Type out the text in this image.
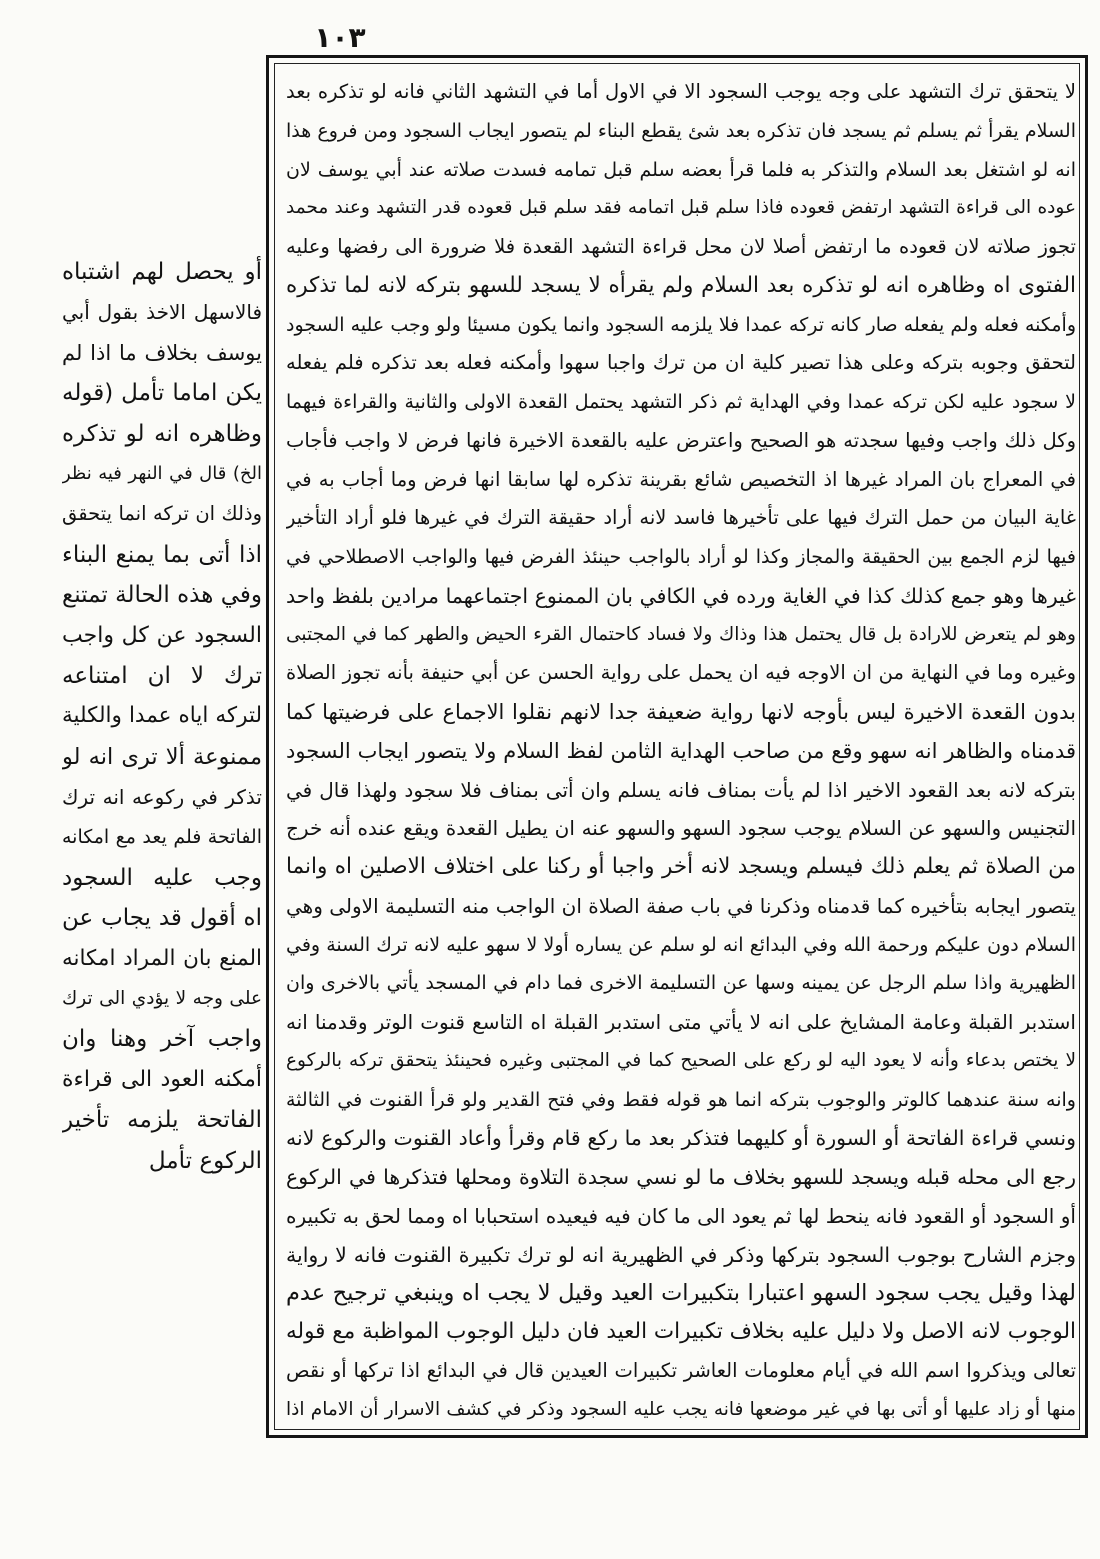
١٠٣
لا يتحقق ترك التشهد على وجه يوجب السجود الا في الاول أما في التشهد الثاني فانه لو تذكره بعد
السلام يقرأ ثم يسلم ثم يسجد فان تذكره بعد شئ يقطع البناء لم يتصور ايجاب السجود ومن فروع هذا
انه لو اشتغل بعد السلام والتذكر به فلما قرأ بعضه سلم قبل تمامه فسدت صلاته عند أبي يوسف لان
عوده الى قراءة التشهد ارتفض قعوده فاذا سلم قبل اتمامه فقد سلم قبل قعوده قدر التشهد وعند محمد
تجوز صلاته لان قعوده ما ارتفض أصلا لان محل قراءة التشهد القعدة فلا ضرورة الى رفضها وعليه
الفتوى اه وظاهره انه لو تذكره بعد السلام ولم يقرأه لا يسجد للسهو بتركه لانه لما تذكره
وأمكنه فعله ولم يفعله صار كانه تركه عمدا فلا يلزمه السجود وانما يكون مسيئا ولو وجب عليه السجود
لتحقق وجوبه بتركه وعلى هذا تصير كلية ان من ترك واجبا سهوا وأمكنه فعله بعد تذكره فلم يفعله
لا سجود عليه لكن تركه عمدا وفي الهداية ثم ذكر التشهد يحتمل القعدة الاولى والثانية والقراءة فيهما
وكل ذلك واجب وفيها سجدته هو الصحيح واعترض عليه بالقعدة الاخيرة فانها فرض لا واجب فأجاب
في المعراج بان المراد غيرها اذ التخصيص شائع بقرينة تذكره لها سابقا انها فرض وما أجاب به في
غاية البيان من حمل الترك فيها على تأخيرها فاسد لانه أراد حقيقة الترك في غيرها فلو أراد التأخير
فيها لزم الجمع بين الحقيقة والمجاز وكذا لو أراد بالواجب حينئذ الفرض فيها والواجب الاصطلاحي في
غيرها وهو جمع كذلك كذا في الغاية ورده في الكافي بان الممنوع اجتماعهما مرادين بلفظ واحد
وهو لم يتعرض للارادة بل قال يحتمل هذا وذاك ولا فساد كاحتمال القرء الحيض والطهر كما في المجتبى
وغيره وما في النهاية من ان الاوجه فيه ان يحمل على رواية الحسن عن أبي حنيفة بأنه تجوز الصلاة
بدون القعدة الاخيرة ليس بأوجه لانها رواية ضعيفة جدا لانهم نقلوا الاجماع على فرضيتها كما
قدمناه والظاهر انه سهو وقع من صاحب الهداية الثامن لفظ السلام ولا يتصور ايجاب السجود
بتركه لانه بعد القعود الاخير اذا لم يأت بمناف فانه يسلم وان أتى بمناف فلا سجود ولهذا قال في
التجنيس والسهو عن السلام يوجب سجود السهو والسهو عنه ان يطيل القعدة ويقع عنده أنه خرج
من الصلاة ثم يعلم ذلك فيسلم ويسجد لانه أخر واجبا أو ركنا على اختلاف الاصلين اه وانما
يتصور ايجابه بتأخيره كما قدمناه وذكرنا في باب صفة الصلاة ان الواجب منه التسليمة الاولى وهي
السلام دون عليكم ورحمة الله وفي البدائع انه لو سلم عن يساره أولا لا سهو عليه لانه ترك السنة وفي
الظهيرية واذا سلم الرجل عن يمينه وسها عن التسليمة الاخرى فما دام في المسجد يأتي بالاخرى وان
استدبر القبلة وعامة المشايخ على انه لا يأتي متى استدبر القبلة اه التاسع قنوت الوتر وقدمنا انه
لا يختص بدعاء وأنه لا يعود اليه لو ركع على الصحيح كما في المجتبى وغيره فحينئذ يتحقق تركه بالركوع
وانه سنة عندهما كالوتر والوجوب بتركه انما هو قوله فقط وفي فتح القدير ولو قرأ القنوت في الثالثة
ونسي قراءة الفاتحة أو السورة أو كليهما فتذكر بعد ما ركع قام وقرأ وأعاد القنوت والركوع لانه
رجع الى محله قبله ويسجد للسهو بخلاف ما لو نسي سجدة التلاوة ومحلها فتذكرها في الركوع
أو السجود أو القعود فانه ينحط لها ثم يعود الى ما كان فيه فيعيده استحبابا اه ومما لحق به تكبيره
وجزم الشارح بوجوب السجود بتركها وذكر في الظهيرية انه لو ترك تكبيرة القنوت فانه لا رواية
لهذا وقيل يجب سجود السهو اعتبارا بتكبيرات العيد وقيل لا يجب اه وينبغي ترجيح عدم
الوجوب لانه الاصل ولا دليل عليه بخلاف تكبيرات العيد فان دليل الوجوب المواظبة مع قوله
تعالى ويذكروا اسم الله في أيام معلومات العاشر تكبيرات العيدين قال في البدائع اذا تركها أو نقص
منها أو زاد عليها أو أتى بها في غير موضعها فانه يجب عليه السجود وذكر في كشف الاسرار أن الامام اذا
أو يحصل لهم اشتباه
فالاسهل الاخذ بقول أبي
يوسف بخلاف ما اذا لم
يكن اماما تأمل (قوله
وظاهره انه لو تذكره
الخ) قال في النهر فيه نظر
وذلك ان تركه انما يتحقق
اذا أتى بما يمنع البناء
وفي هذه الحالة تمتنع
السجود عن كل واجب
ترك لا ان امتناعه
لتركه اياه عمدا والكلية
ممنوعة ألا ترى انه لو
تذكر في ركوعه انه ترك
الفاتحة فلم يعد مع امكانه
وجب عليه السجود
اه أقول قد يجاب عن
المنع بان المراد امكانه
على وجه لا يؤدي الى ترك
واجب آخر وهنا وان
أمكنه العود الى قراءة
الفاتحة يلزمه تأخير
الركوع تأمل
